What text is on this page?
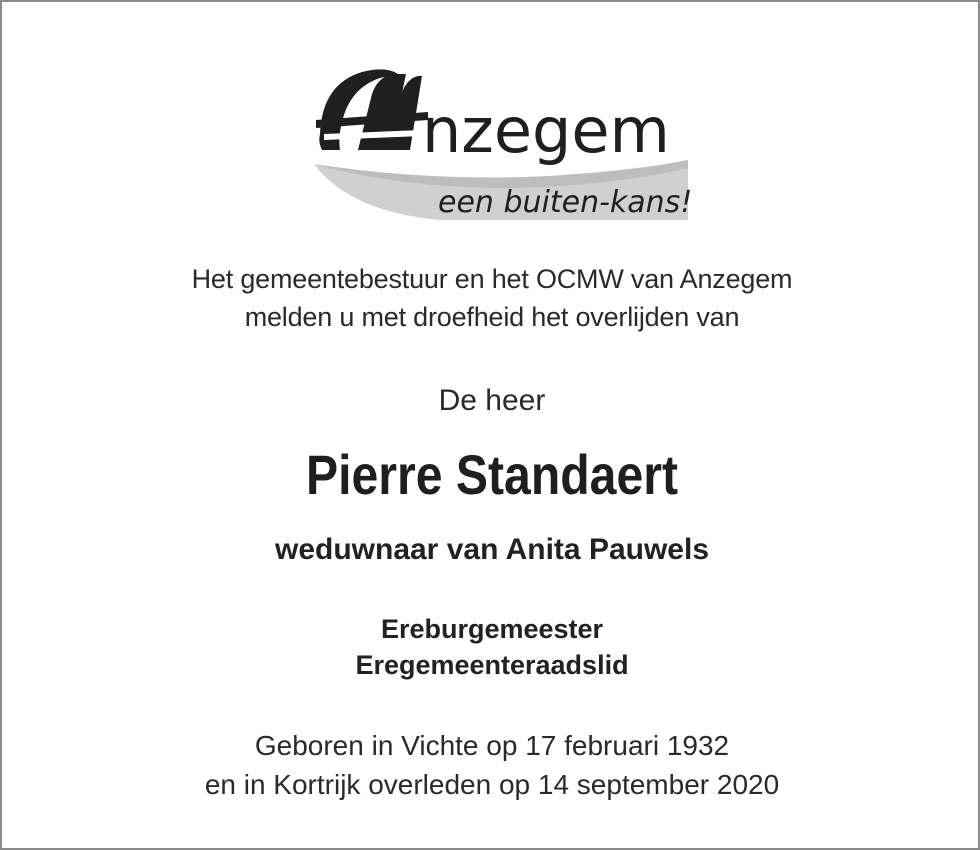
nzegem
een buiten-kans!
Het gemeentebestuur en het OCMW van Anzegem
melden u met droefheid het overlijden van
De heer
Pierre Standaert
weduwnaar van Anita Pauwels
Ereburgemeester
Eregemeenteraadslid
Geboren in Vichte op 17 februari 1932
en in Kortrijk overleden op 14 september 2020
